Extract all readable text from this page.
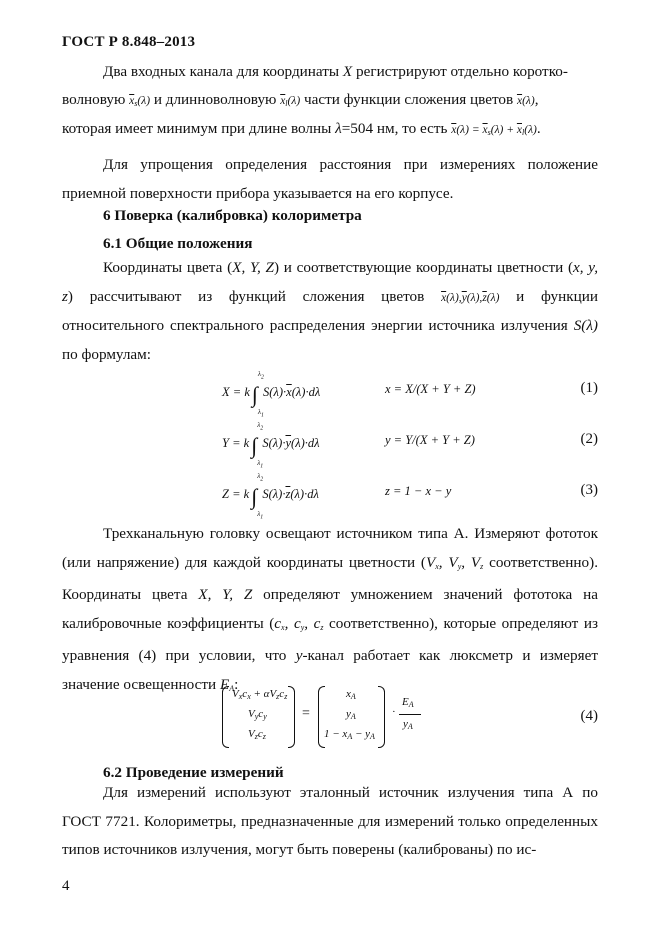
ГОСТ Р 8.848–2013
Два входных канала для координаты X регистрируют отдельно коротко-

волновую $\overline{x}_s(\lambda)$ и длинноволновую $\overline{x}_l(\lambda)$ части функции сложения цветов $\overline{x}(\lambda)$,
которая имеет минимум при длине волны λ=504 нм, то есть $\overline{x}(\lambda) = \overline{x}_s(\lambda) + \overline{x}_l(\lambda)$.
Для упрощения определения расстояния при измерениях положение приемной поверхности прибора указывается на его корпусе.
6 Поверка (калибровка) колориметра
6.1 Общие положения
Координаты цвета (X, Y, Z) и соответствующие координаты цветности (x, y, z) рассчитывают из функций сложения цветов $\overline{x}(\lambda),\overline{y}(\lambda),\overline{z}(\lambda)$ и функции относительного спектрального распределения энергии источника излучения S(λ) по формулам:
X = k∫
$\lambda_2$
$\lambda_1$
$S(\lambda)\cdot\overline{x}(\lambda)\cdot d\lambda$	x = X/(X + Y + Z)	(1)
Y = k∫
$\lambda_2$
$\lambda_1$
$S(\lambda)\cdot\overline{y}(\lambda)\cdot d\lambda$	y = Y/(X + Y + Z)	(2)
Z = k∫
$\lambda_2$
$\lambda_1$
$S(\lambda)\cdot\overline{z}(\lambda)\cdot d\lambda$	z = 1 − x − y	(3)
Трехканальную головку освещают источником типа А. Измеряют фототок (или напряжение) для каждой координаты цветности ($V_x$, $V_y$, $V_z$ соответственно). Координаты цвета X, Y, Z определяют умножением значений фототока на калибровочные коэффициенты ($c_x$, $c_y$, $c_z$ соответственно), которые определяют из уравнения (4) при условии, что y-канал работает как люксметр и измеряет значение освещенности $E_A$:
$V_xc_x + \alpha V_zc_z$
$V_yc_y$
$V_zc_z$
=
$x_A$
$y_A$
$1 - x_A - y_A$
·
$E_A$
$y_A$
(4)
6.2 Проведение измерений
Для измерений используют эталонный источник излучения типа А по ГОСТ 7721. Колориметры, предназначенные для измерений только определенных типов источников излучения, могут быть поверены (калиброваны) по ис-
4
